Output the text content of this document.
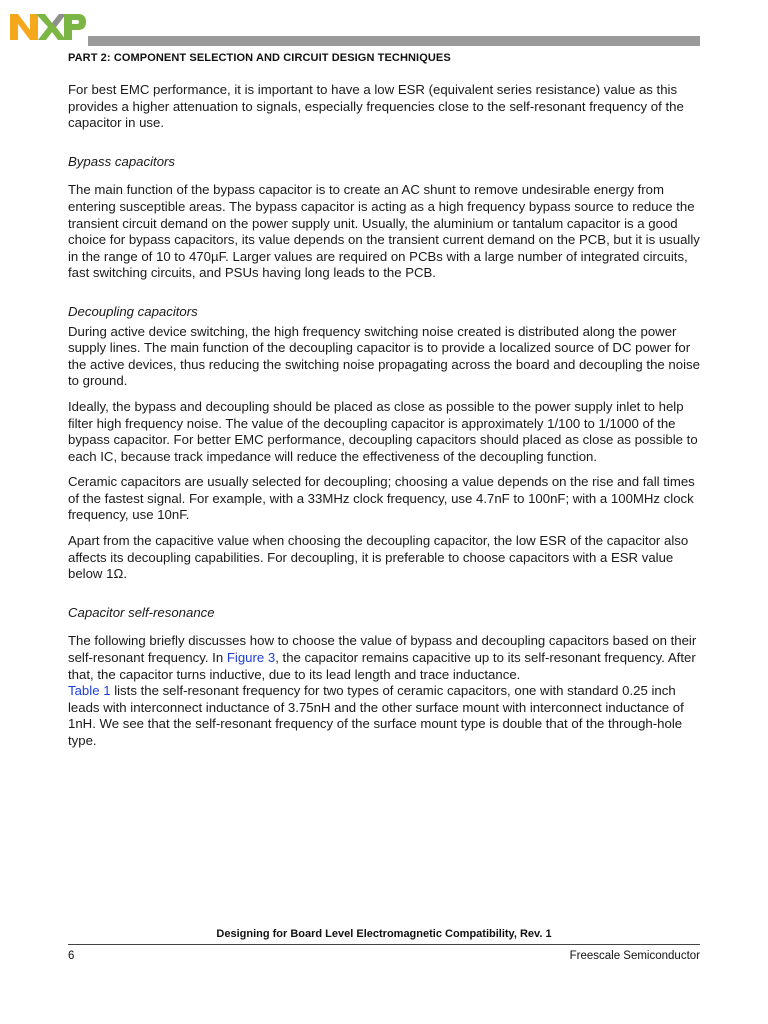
PART 2: COMPONENT SELECTION AND CIRCUIT DESIGN TECHNIQUES

For best EMC performance, it is important to have a low ESR (equivalent series resistance) value as this provides a higher attenuation to signals, especially frequencies close to the self-resonant frequency of the capacitor in use.

Bypass capacitors

The main function of the bypass capacitor is to create an AC shunt to remove undesirable energy from entering susceptible areas. The bypass capacitor is acting as a high frequency bypass source to reduce the transient circuit demand on the power supply unit. Usually, the aluminium or tantalum capacitor is a good choice for bypass capacitors, its value depends on the transient current demand on the PCB, but it is usually in the range of 10 to 470µF. Larger values are required on PCBs with a large number of integrated circuits, fast switching circuits, and PSUs having long leads to the PCB.

Decoupling capacitors

During active device switching, the high frequency switching noise created is distributed along the power supply lines. The main function of the decoupling capacitor is to provide a localized source of DC power for the active devices, thus reducing the switching noise propagating across the board and decoupling the noise to ground.

Ideally, the bypass and decoupling should be placed as close as possible to the power supply inlet to help filter high frequency noise. The value of the decoupling capacitor is approximately 1/100 to 1/1000 of the bypass capacitor. For better EMC performance, decoupling capacitors should placed as close as possible to each IC, because track impedance will reduce the effectiveness of the decoupling function.

Ceramic capacitors are usually selected for decoupling; choosing a value depends on the rise and fall times of the fastest signal. For example, with a 33MHz clock frequency, use 4.7nF to 100nF; with a 100MHz clock frequency, use 10nF.

Apart from the capacitive value when choosing the decoupling capacitor, the low ESR of the capacitor also affects its decoupling capabilities. For decoupling, it is preferable to choose capacitors with a ESR value below 1Ω.

Capacitor self-resonance

The following briefly discusses how to choose the value of bypass and decoupling capacitors based on their self-resonant frequency. In Figure 3, the capacitor remains capacitive up to its self-resonant frequency. After that, the capacitor turns inductive, due to its lead length and trace inductance.
Table 1 lists the self-resonant frequency for two types of ceramic capacitors, one with standard 0.25 inch leads with interconnect inductance of 3.75nH and the other surface mount with interconnect inductance of 1nH. We see that the self-resonant frequency of the surface mount type is double that of the through-hole type.

Designing for Board Level Electromagnetic Compatibility, Rev. 1
6	Freescale Semiconductor
